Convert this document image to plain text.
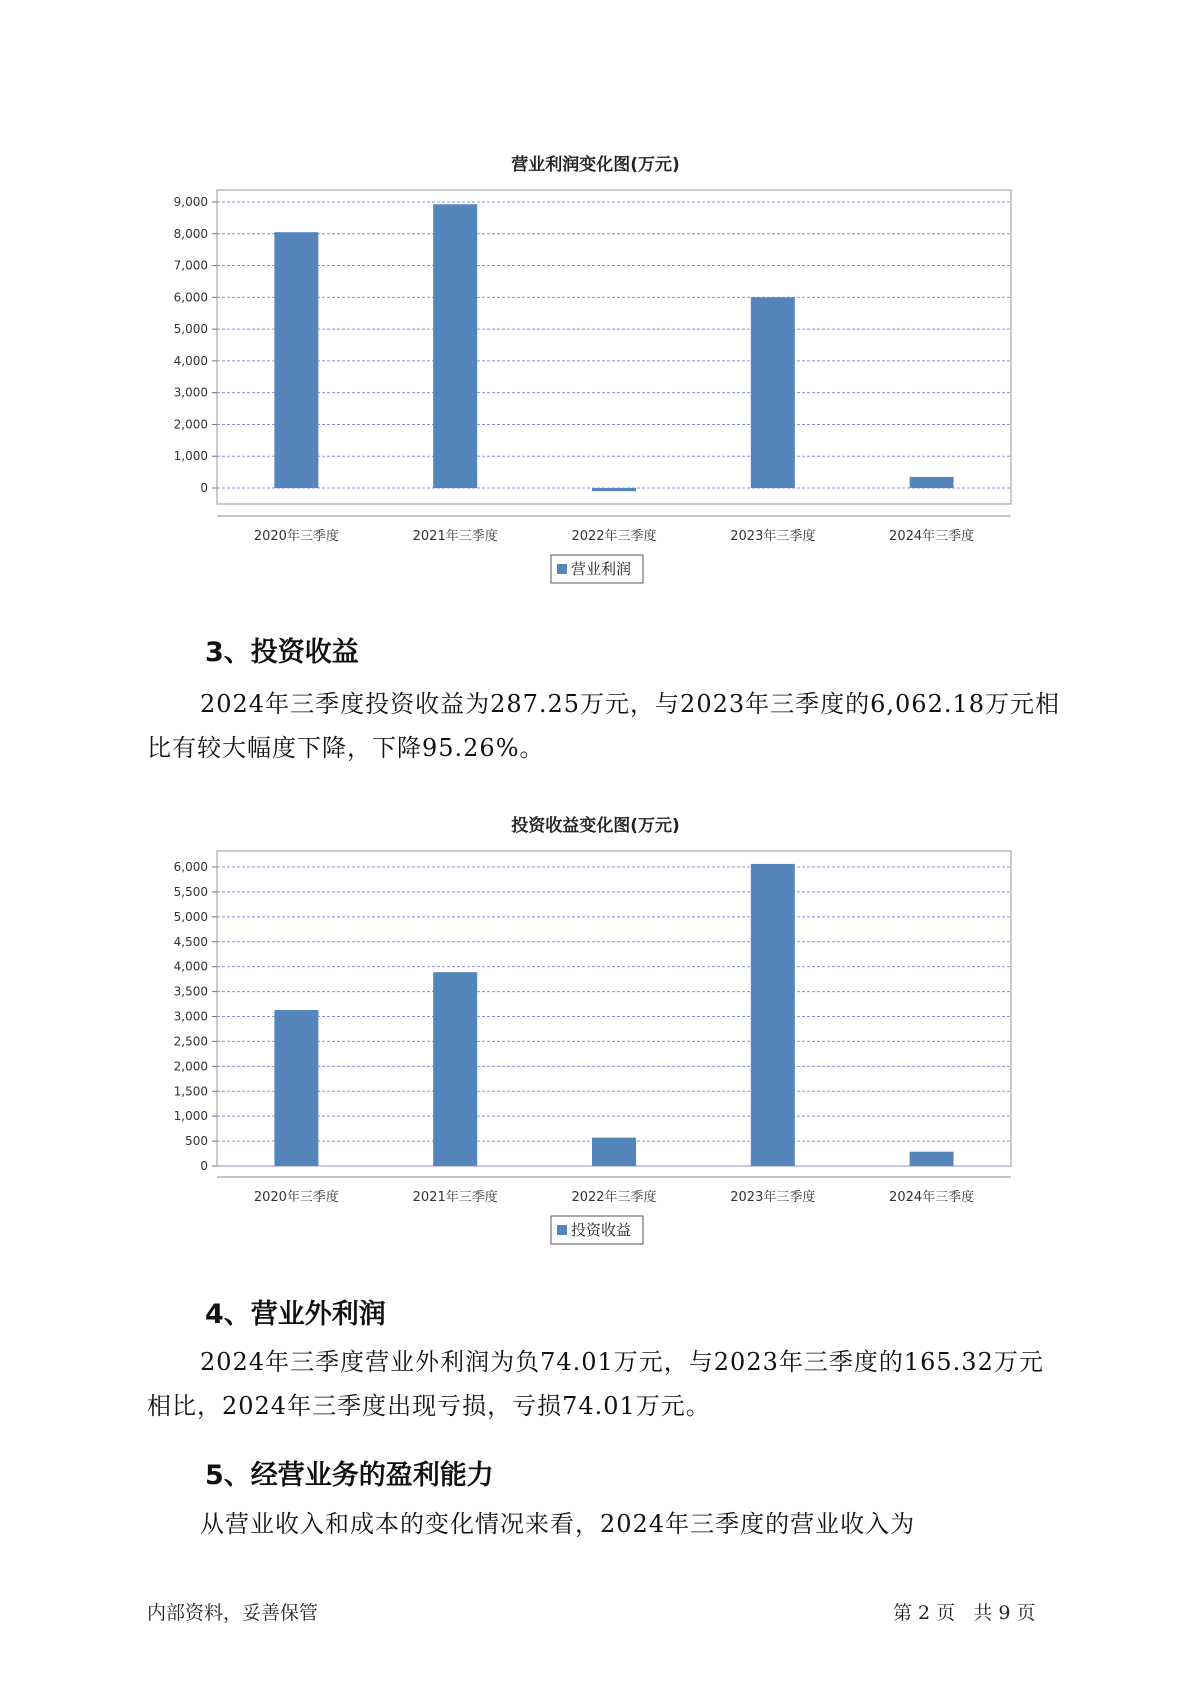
营业利润变化图(万元)
9,000
8,000
7,000
6,000
5,000
4,000
3,000
2,000
1,000
0
2020年三季度	2021年三季度	2022年三季度	2023年三季度	2024年三季度
营业利润
3、投资收益

2024年三季度投资收益为287.25万元，与2023年三季度的6,062.18万元相比有较大幅度下降，下降95.26%。

投资收益变化图(万元)
6,000
5,500
5,000
4,500
4,000
3,500
3,000
2,500
2,000
1,500
1,000
500
0
2020年三季度	2021年三季度	2022年三季度	2023年三季度	2024年三季度
投资收益
4、营业外利润

2024年三季度营业外利润为负74.01万元，与2023年三季度的165.32万元相比，2024年三季度出现亏损，亏损74.01万元。

5、经营业务的盈利能力

从营业收入和成本的变化情况来看，2024年三季度的营业收入为

内部资料，妥善保管	第 2 页   共 9 页
